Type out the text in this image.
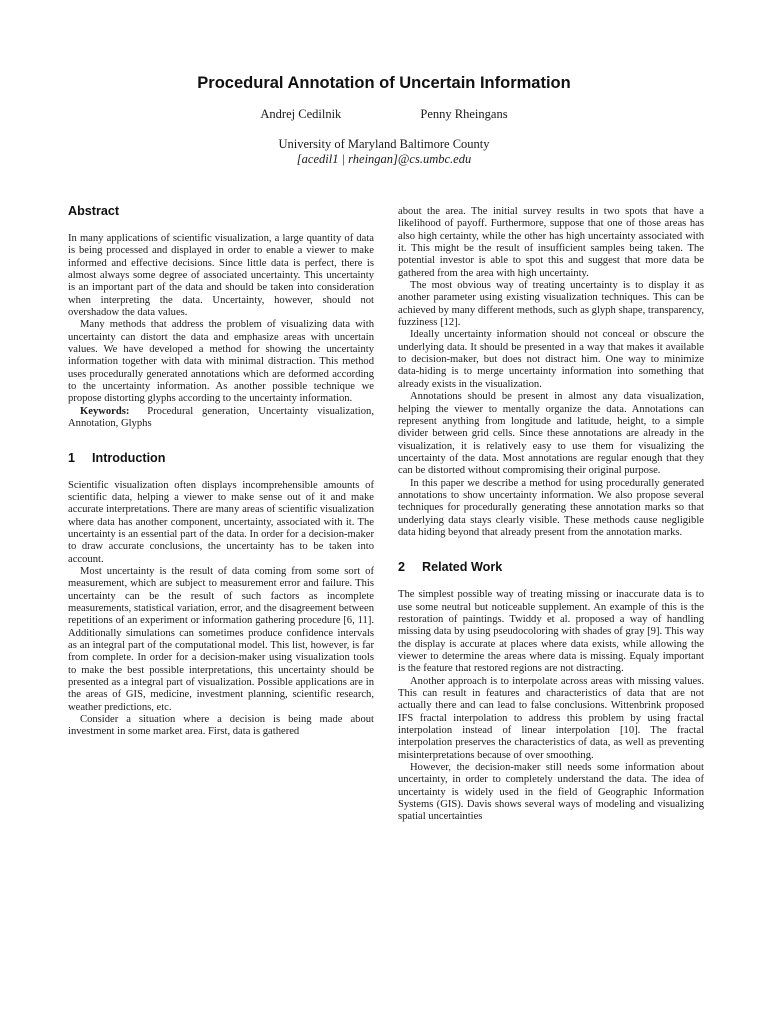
Procedural Annotation of Uncertain Information
Andrej Cedilnik	Penny Rheingans
University of Maryland Baltimore County
[acedil1 | rheingan]@cs.umbc.edu
Abstract

In many applications of scientific visualization, a large quantity of data is being processed and displayed in order to enable a viewer to make informed and effective decisions. Since little data is perfect, there is almost always some degree of associated uncertainty. This uncertainty is an important part of the data and should be taken into consideration when interpreting the data. Uncertainty, however, should not overshadow the data values.

Many methods that address the problem of visualizing data with uncertainty can distort the data and emphasize areas with uncertain values. We have developed a method for showing the uncertainty information together with data with minimal distraction. This method uses procedurally generated annotations which are deformed according to the uncertainty information. As another possible technique we propose distorting glyphs according to the uncertainty information.

Keywords: Procedural generation, Uncertainty visualization, Annotation, Glyphs

1 Introduction

Scientific visualization often displays incomprehensible amounts of scientific data, helping a viewer to make sense out of it and make accurate interpretations. There are many areas of scientific visualization where data has another component, uncertainty, associated with it. The uncertainty is an essential part of the data. In order for a decision-maker to draw accurate conclusions, the uncertainty has to be taken into account.

Most uncertainty is the result of data coming from some sort of measurement, which are subject to measurement error and failure. This uncertainty can be the result of such factors as incomplete measurements, statistical variation, error, and the disagreement between repetitions of an experiment or information gathering procedure [6, 11]. Additionally simulations can sometimes produce confidence intervals as an integral part of the computational model. This list, however, is far from complete. In order for a decision-maker using visualization tools to make the best possible interpretations, this uncertainty should be presented as a integral part of visualization. Possible applications are in the areas of GIS, medicine, investment planning, scientific research, weather predictions, etc.

Consider a situation where a decision is being made about investment in some market area. First, data is gathered

about the area. The initial survey results in two spots that have a likelihood of payoff. Furthermore, suppose that one of those areas has also high certainty, while the other has high uncertainty associated with it. This might be the result of insufficient samples being taken. The potential investor is able to spot this and suggest that more data be gathered from the area with high uncertainty.

The most obvious way of treating uncertainty is to display it as another parameter using existing visualization techniques. This can be achieved by many different methods, such as glyph shape, transparency, fuzziness [12].

Ideally uncertainty information should not conceal or obscure the underlying data. It should be presented in a way that makes it available to decision-maker, but does not distract him. One way to minimize data-hiding is to merge uncertainty information into something that already exists in the visualization.

Annotations should be present in almost any data visualization, helping the viewer to mentally organize the data. Annotations can represent anything from longitude and latitude, height, to a simple divider between grid cells. Since these annotations are already in the visualization, it is relatively easy to use them for visualizing the uncertainty of the data. Most annotations are regular enough that they can be distorted without compromising their original purpose.

In this paper we describe a method for using procedurally generated annotations to show uncertainty information. We also propose several techniques for procedurally generating these annotation marks so that underlying data stays clearly visible. These methods cause negligible data hiding beyond that already present from the annotation marks.

2 Related Work

The simplest possible way of treating missing or inaccurate data is to use some neutral but noticeable supplement. An example of this is the restoration of paintings. Twiddy et al. proposed a way of handling missing data by using pseudocoloring with shades of gray [9]. This way the display is accurate at places where data exists, while allowing the viewer to determine the areas where data is missing. Equaly important is the feature that restored regions are not distracting.

Another approach is to interpolate across areas with missing values. This can result in features and characteristics of data that are not actually there and can lead to false conclusions. Wittenbrink proposed IFS fractal interpolation to address this problem by using fractal interpolation instead of linear interpolation [10]. The fractal interpolation preserves the characteristics of data, as well as preventing misinterpretations because of over smoothing.

However, the decision-maker still needs some information about uncertainty, in order to completely understand the data. The idea of uncertainty is widely used in the field of Geographic Information Systems (GIS). Davis shows several ways of modeling and visualizing spatial uncertainties
